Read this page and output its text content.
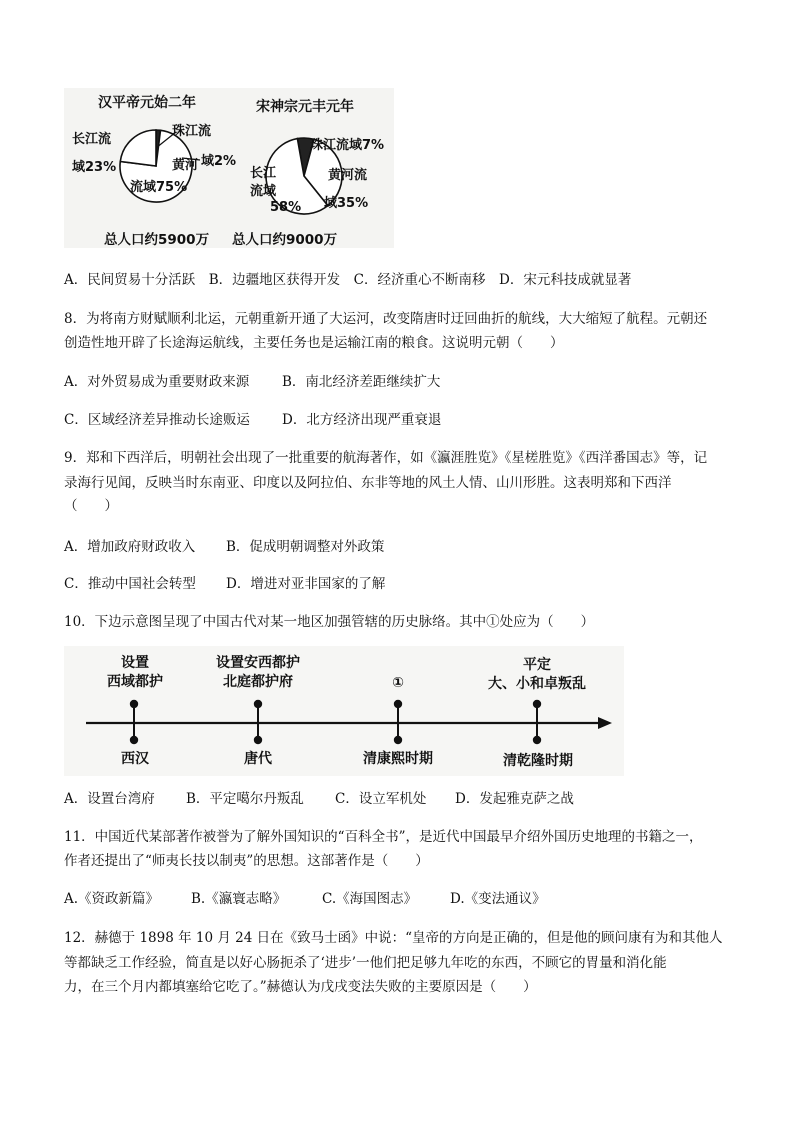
汉平帝元始二年
珠江流
长江流
域23%	黄河 域2%
流域75%
总人口约5900万
宋神宗元丰元年
珠江流域7%
长江
流域
黄河流
58% 域35%
总人口约9000万
A．民间贸易十分活跃　B．边疆地区获得开发　C．经济重心不断南移　D．宋元科技成就显著
8．为将南方财赋顺利北运，元朝重新开通了大运河，改变隋唐时迂回曲折的航线，大大缩短了航程。元朝还
创造性地开辟了长途海运航线，主要任务也是运输江南的粮食。这说明元朝（　　）
A．对外贸易成为重要财政来源 B．南北经济差距继续扩大
C．区域经济差异推动长途贩运 D．北方经济出现严重衰退
9．郑和下西洋后，明朝社会出现了一批重要的航海著作，如《瀛涯胜览》《星槎胜览》《西洋番国志》等，记
录海行见闻，反映当时东南亚、印度以及阿拉伯、东非等地的风土人情、山川形胜。这表明郑和下西洋
（　　）
A．增加政府财政收入 B．促成明朝调整对外政策
C．推动中国社会转型 D．增进对亚非国家的了解
10．下边示意图呈现了中国古代对某一地区加强管辖的历史脉络。其中①处应为（　　）
设置
西域都护
西汉
设置安西都护
北庭都护府
唐代
①
清康熙时期
平定
大、小和卓叛乱
清乾隆时期
A．设置台湾府 B．平定噶尔丹叛乱 C．设立军机处 D．发起雅克萨之战
11．中国近代某部著作被誉为了解外国知识的“百科全书”，是近代中国最早介绍外国历史地理的书籍之一，
作者还提出了“师夷长技以制夷”的思想。这部著作是（　　）
A.《资政新篇》 B.《瀛寰志略》	C.《海国图志》 D.《变法通议》
12．赫德于 1898 年 10 月 24 日在《致马士函》中说：“皇帝的方向是正确的，但是他的顾问康有为和其他人
等都缺乏工作经验，简直是以好心肠扼杀了‘进步’一他们把足够九年吃的东西，不顾它的胃量和消化能
力，在三个月内都填塞给它吃了。”赫德认为戊戌变法失败的主要原因是（　　）
